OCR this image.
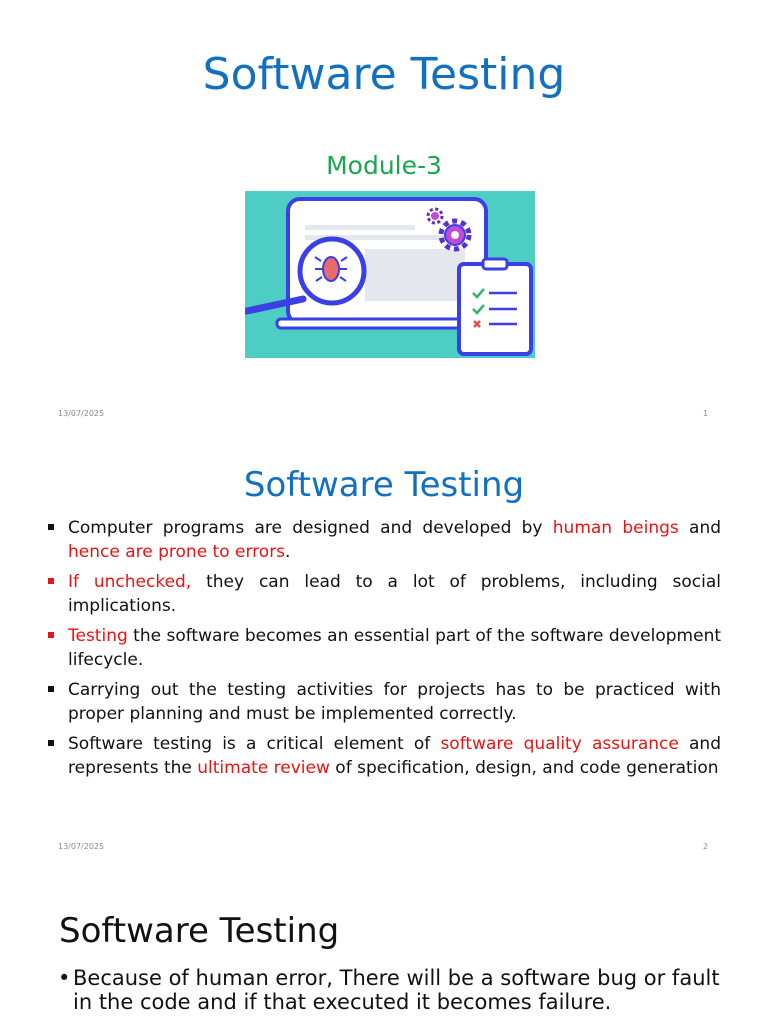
Software Testing
Module-3
13/07/2025	1
Software Testing
Computer programs are designed and developed by human beings and hence are prone to errors.
If unchecked, they can lead to a lot of problems, including social implications.
Testing the software becomes an essential part of the software development lifecycle.
Carrying out the testing activities for projects has to be practiced with proper planning and must be implemented correctly.
Software testing is a critical element of software quality assurance and represents the ultimate review of specification, design, and code generation
13/07/2025	2
Software Testing
• Because of human error, There will be a software bug or fault in the code and if that executed it becomes failure.
